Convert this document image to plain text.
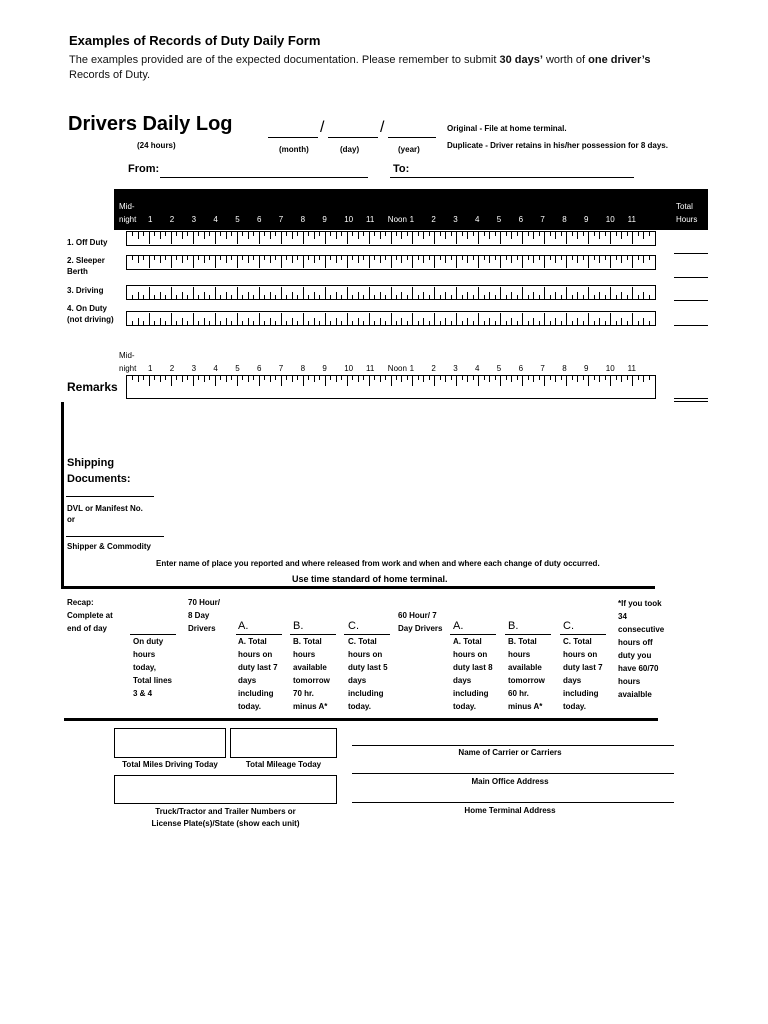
Examples of Records of Duty Daily Form
The examples provided are of the expected documentation. Please remember to submit 30 days’ worth of one driver’s Records of Duty.
Drivers Daily Log
(24 hours)
/	/
(month)	(day)	(year)
Original - File at home terminal.
Duplicate - Driver retains in his/her possession for 8 days.
From:	To:
Mid-
night 1 2 3 4 5 6 7 8 9 10 11 Noon 1 2 3 4 5 6 7 8 9 10 11
Total
Hours
1. Off Duty
2. Sleeper
Berth
3. Driving
4. On Duty
(not driving)
Mid-
night 1 2 3 4 5 6 7 8 9 10 11 Noon 1 2 3 4 5 6 7 8 9 10 11
Remarks
Shipping
Documents:
DVL or Manifest No.
or
Shipper & Commodity
Enter name of place you reported and where released from work and when and where each change of duty occurred.
Use time standard of home terminal.
Recap:
Complete at
end of day
On duty
hours
today,
Total lines
3 & 4
70 Hour/
8 Day
Drivers	A.	B.	C.
A. Total
hours on
duty last 7
days
including
today.
B. Total
hours
available
tomorrow
70 hr.
minus A*
C. Total
hours on
duty last 5
days
including
today.
60 Hour/ 7
Day Drivers A.	B.	C.
A. Total
hours on
duty last 8
days
including
today.
B. Total
hours
available
tomorrow
60 hr.
minus A*
C. Total
hours on
duty last 7
days
including
today.
*If you took
34
consecutive
hours off
duty you
have 60/70
hours
avaialble
Total Miles Driving Today	Total Mileage Today
Truck/Tractor and Trailer Numbers or
License Plate(s)/State (show each unit)
Name of Carrier or Carriers
Main Office Address
Home Terminal Address
